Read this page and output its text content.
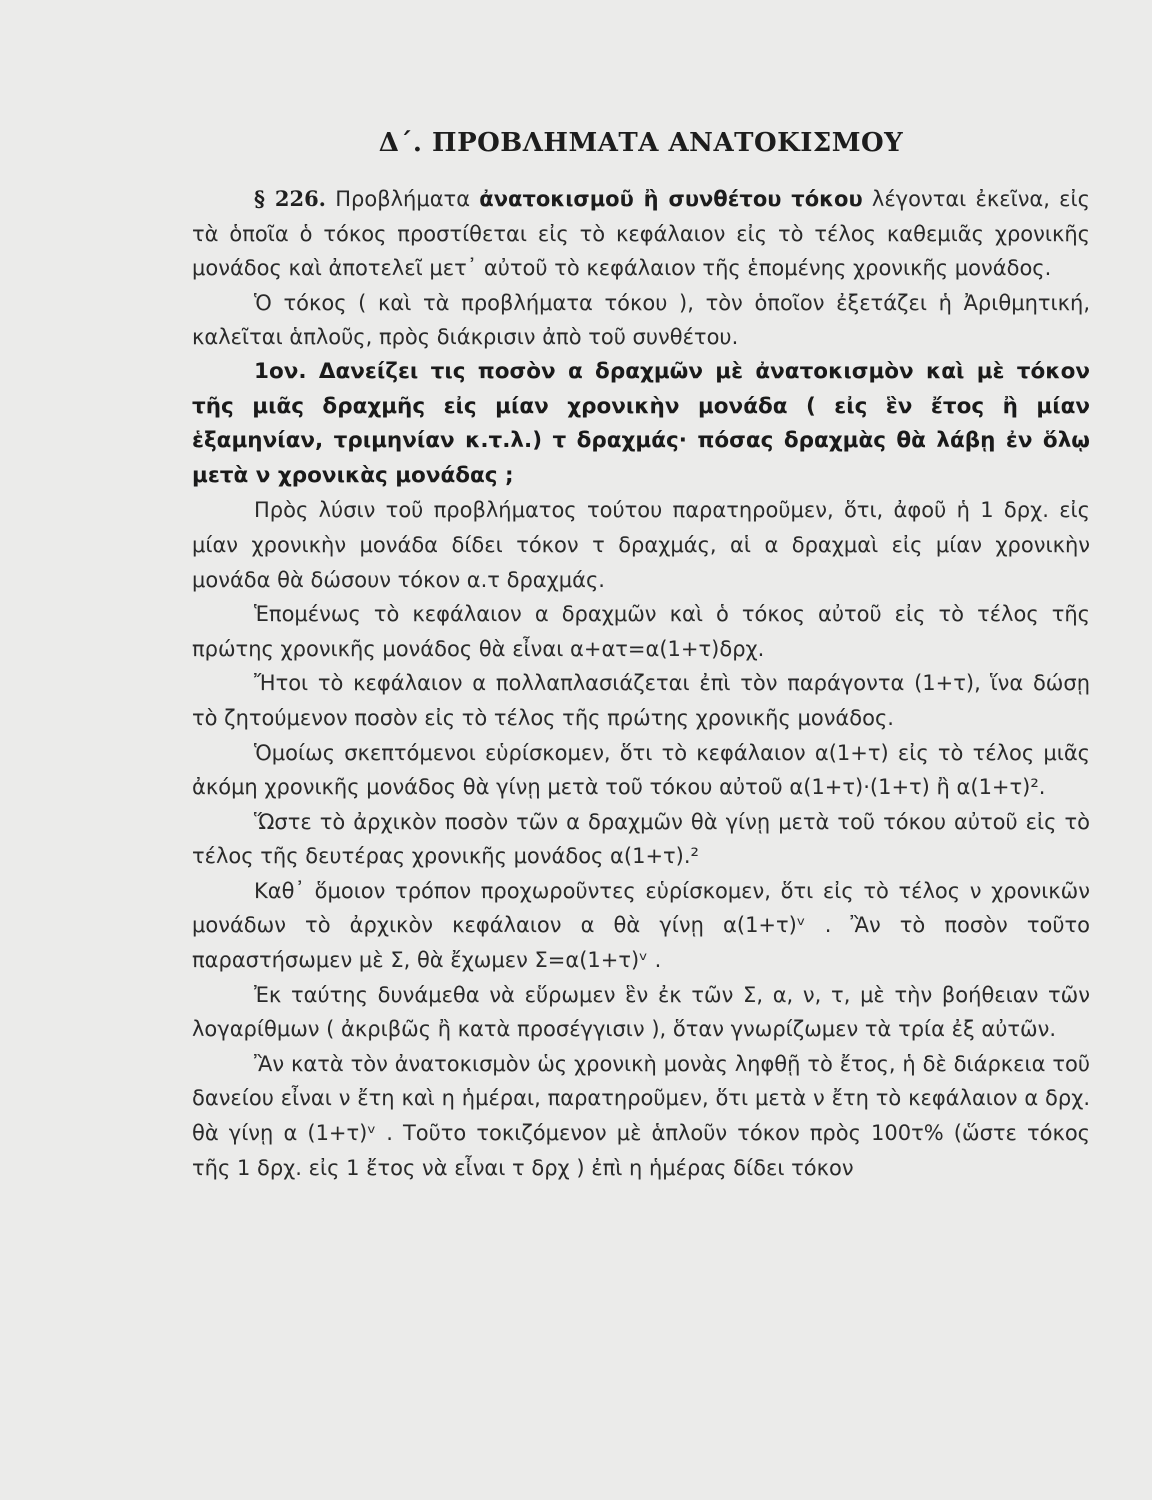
Δ΄. ΠΡΟΒΛΗΜΑΤΑ ΑΝΑΤΟΚΙΣΜΟΥ

§ 226. Προβλήματα ἀνατοκισμοῦ ἢ συνθέτου τόκου λέγονται ἐκεῖνα, εἰς τὰ ὁποῖα ὁ τόκος προστίθεται εἰς τὸ κεφάλαιον εἰς τὸ τέλος καθεμιᾶς χρονικῆς μονάδος καὶ ἀποτελεῖ μετ᾽ αὐτοῦ τὸ κεφάλαιον τῆς ἑπομένης χρονικῆς μονάδος.

Ὁ τόκος ( καὶ τὰ προβλήματα τόκου ), τὸν ὁποῖον ἐξετάζει ἡ Ἀριθμητική, καλεῖται ἁπλοῦς, πρὸς διάκρισιν ἀπὸ τοῦ συνθέτου.

1ον. Δανείζει τις ποσὸν α δραχμῶν μὲ ἀνατοκισμὸν καὶ μὲ τόκον τῆς μιᾶς δραχμῆς εἰς μίαν χρονικὴν μονάδα ( εἰς ἓν ἔτος ἢ μίαν ἑξαμηνίαν, τριμηνίαν κ.τ.λ.) τ δραχμάς· πόσας δραχμὰς θὰ λάβῃ ἐν ὅλῳ μετὰ ν χρονικὰς μονάδας ;

Πρὸς λύσιν τοῦ προβλήματος τούτου παρατηροῦμεν, ὅτι, ἀφοῦ ἡ 1 δρχ. εἰς μίαν χρονικὴν μονάδα δίδει τόκον τ δραχμάς, αἱ α δραχμαὶ εἰς μίαν χρονικὴν μονάδα θὰ δώσουν τόκον α.τ δραχμάς.

Ἑπομένως τὸ κεφάλαιον α δραχμῶν καὶ ὁ τόκος αὐτοῦ εἰς τὸ τέλος τῆς πρώτης χρονικῆς μονάδος θὰ εἶναι α+ατ=α(1+τ)δρχ.

Ἤτοι τὸ κεφάλαιον α πολλαπλασιάζεται ἐπὶ τὸν παράγοντα (1+τ), ἵνα δώσῃ τὸ ζητούμενον ποσὸν εἰς τὸ τέλος τῆς πρώτης χρονικῆς μονάδος.

Ὁμοίως σκεπτόμενοι εὑρίσκομεν, ὅτι τὸ κεφάλαιον α(1+τ) εἰς τὸ τέλος μιᾶς ἀκόμη χρονικῆς μονάδος θὰ γίνῃ μετὰ τοῦ τόκου αὐτοῦ α(1+τ)·(1+τ) ἢ α(1+τ)².

Ὥστε τὸ ἀρχικὸν ποσὸν τῶν α δραχμῶν θὰ γίνῃ μετὰ τοῦ τόκου αὐτοῦ εἰς τὸ τέλος τῆς δευτέρας χρονικῆς μονάδος α(1+τ).²

Καθ᾽ ὅμοιον τρόπον προχωροῦντες εὑρίσκομεν, ὅτι εἰς τὸ τέλος ν χρονικῶν μονάδων τὸ ἀρχικὸν κεφάλαιον α θὰ γίνῃ α(1+τ)ᵛ . Ἂν τὸ ποσὸν τοῦτο παραστήσωμεν μὲ Σ, θὰ ἔχωμεν Σ=α(1+τ)ᵛ .

Ἐκ ταύτης δυνάμεθα νὰ εὕρωμεν ἓν ἐκ τῶν Σ, α, ν, τ, μὲ τὴν βοήθειαν τῶν λογαρίθμων ( ἀκριβῶς ἢ κατὰ προσέγγισιν ), ὅταν γνωρίζωμεν τὰ τρία ἐξ αὐτῶν.

Ἂν κατὰ τὸν ἀνατοκισμὸν ὡς χρονικὴ μονὰς ληφθῇ τὸ ἔτος, ἡ δὲ διάρκεια τοῦ δανείου εἶναι ν ἔτη καὶ η ἡμέραι, παρατηροῦμεν, ὅτι μετὰ ν ἔτη τὸ κεφάλαιον α δρχ. θὰ γίνῃ α (1+τ)ᵛ . Τοῦτο τοκιζόμενον μὲ ἁπλοῦν τόκον πρὸς 100τ% (ὥστε τόκος τῆς 1 δρχ. εἰς 1 ἔτος νὰ εἶναι τ δρχ ) ἐπὶ η ἡμέρας δίδει τόκον
